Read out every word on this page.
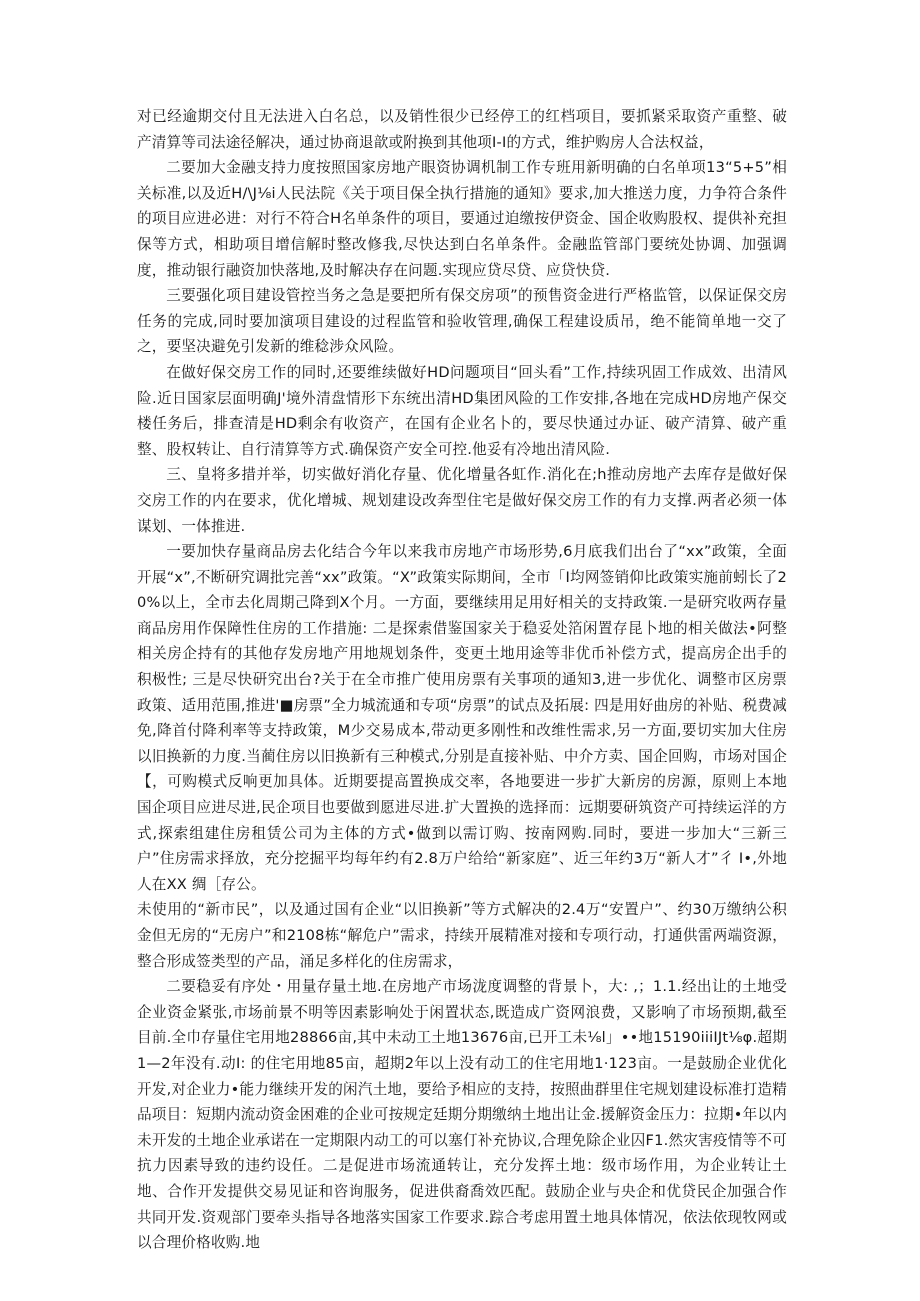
对已经逾期交付且无法进入白名总，以及销性很少已经停工的红档项目，要抓紧采取资产重整、破产清算等司法途径解决，通过协商退歆或附换到其他项I-I的方式，维护购房人合法权益，

二要加大金融支持力度按照国家房地产眼资协调机制工作专班用新明确的白名单项13“5+5”相关标准,以及近H/\J⅛i人民法院《关于项目保全执行措施的通知》要求,加大推送力度，力争符合条件的项目应进必进：对行不符合H名单条件的项目，要通过迫缴按伊资金、国企收购股权、提供补充担保等方式，相助项目增信解时整改修我,尽快达到白名单条件。金融监管部门要统处协调、加强调度，推动银行融资加快落地,及时解决存在问题.实现应贷尽贷、应贷快贷.

三要强化项目建设管控当务之急是要把所有保交房项”的预售资金进行严格监管，以保证保交房任务的完成,同时要加演项目建设的过程监管和验收管理,确保工程建设质吊，绝不能简单地一交了之，要坚决避免引发新的维稔涉众风险。

在做好保交房工作的同时,还要维续做好HD问题项目“回头看”工作,持续巩固工作成效、出清风险.近日国家层面明确J'境外清盘情形下东统出清HD集团风险的工作安排,各地在完成HD房地产保交楼任务后，排查清是HD剩余有收资产，在国有企业名卜的，要尽快通过办证、破产清算、破产重整、股权转让、自行清算等方式.确保资产安全可控.他妥有冷地出清风险.

三、皇将多措并举，切实做好消化存量、优化增量各虹作.消化在;h推动房地产去库存是做好保交房工作的内在要求，优化增城、规划建设改奔型住宅是做好保交房工作的有力支撑.两者必须一体谋划、一体推进.

一要加快存量商品房去化结合今年以来我市房地产市场形势,6月底我们出台了“xx”政策，全面开展“x”,不断研究调批完善“xx”政策。“X”政策实际期间，全市「I均网签销仰比政策实施前蚓长了20%以上，全市去化周期己降到X个月。一方面，要继续用足用好相关的支持政策.一是研究收两存量商品房用作保障性住房的工作措施: 二是探索借鉴国家关于稳妥处箔闲置存昆卜地的相关做法•阿整相关房企持有的其他存发房地产用地规划条件，变更土地用途等非优币补偿方式，提高房企出手的积极性; 三是尽快研究出台?关于在全市推广使用房票有关事项的通知3,进一步优化、调整市区房票政策、适用范围,推进'■房票”全力城流通和专项“房票”的试点及拓展: 四是用好曲房的补贴、税费减免,降首付降利率等支持政策，M少交易成本,带动更多刚性和改维性需求,另一方面,要切实加大住房以旧换新的力度.当蔺住房以旧换新有三种模式,分别是直接补贴、中介方卖、国企回购，市场对国企【，可购模式反响更加具体。近期要提高置换成交率，各地要进一步扩大新房的房源，原则上本地国企项目应进尽进,民企项目也要做到愿进尽进.扩大置换的选择而：远期要研筑资产可持续运洋的方式,探索组建住房租赁公司为主体的方式•做到以需订购、按南网购.同时，要进一步加大“三新三户”住房需求择放，充分挖掘平均每年约有2.8万户给给“新家庭”、近三年约3万“新人才”彳 I•,外地人在XX 绸［存公。

未使用的“新市民”，以及通过国有企业“以旧换新”等方式解决的2.4万“安置户”、约30万缴纳公积金但无房的“无房户”和2108栋“解危户”需求，持续开展精准对接和专项行动，打通供雷两端资源，整合形成签类型的产品，涌足多样化的住房需求，

二要稳妥有序处・用量存量土地.在房地产市场泷度调整的背景卜，大: ,；1.1.经出让的土地受企业资金紧张,市场前景不明等因素影响处于闲置状态,既造成广资网浪费，又影响了市场预期,截至目前.全巾存量住宅用地28866亩,其中未动工土地13676亩,已开工未⅛l」••地15190iiiIJt⅛φ.超期1—2年没有.动I: 的住宅用地85亩，超期2年以上没有动工的住宅用地1·123亩。一是鼓励企业优化开发,对企业力•能力继续开发的闲汽土地，要给予相应的支持，按照曲群里住宅规划建设标准打造精品项目：短期内流动资金困难的企业可按规定廷期分期缴纳土地出让金.援解资金压力：拉期•年以内未开发的土地企业承诺在一定期限内动工的可以塞仃补充协议,合理免除企业囚F1.然灾害疫情等不可抗力因素导致的违约设任。二是促进市场流通转让，充分发挥土地：级市场作用，为企业转让土地、合作开发提供交易见证和咨询服务，促进供裔喬效匹配。鼓励企业与央企和优贷民企加强合作共同开发.资观部门要牵头指导各地落实国家工作要求.踪合考虑用置土地具体情况，依法依现牧网或以合理价格收购.地
